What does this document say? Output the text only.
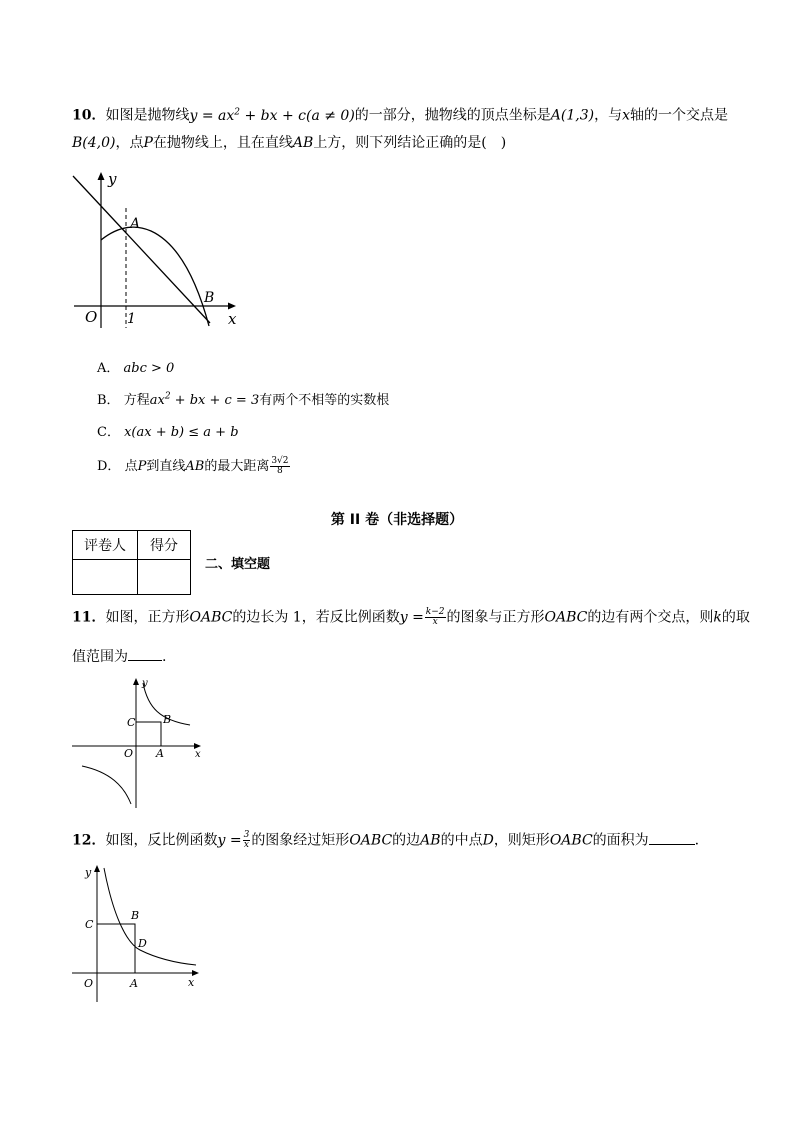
10．如图是抛物线$y = ax^2$ + bx + c(a ≠ 0)的一部分，抛物线的顶点坐标是A(1,3)，与x轴的一个交点是
B(4,0)，点P在抛物线上，且在直线AB上方，则下列结论正确的是(　)
y
x
O 1
A
B
A． abc > 0
B． 方程$ax^2$ + bx + c = 3有两个不相等的实数根
C． x(ax + b) ≤ a + b
D． 点P到直线AB的最大距离 $\frac{3√2}{8}$
第 II 卷（非选择题）
评卷人	得分

二、填空题
11．如图，正方形OABC的边长为 1，若反比例函数$y = \frac{k-2}{x}$ 的图象与正方形OABC的边有两个交点，则k的取
值范围为 .
y
x
O A
B
C
12．如图，反比例函数$y = \frac{3}{x}$ 的图象经过矩形OABC的边AB的中点D，则矩形OABC的面积为	.
y
x
O	A
B
C
D
